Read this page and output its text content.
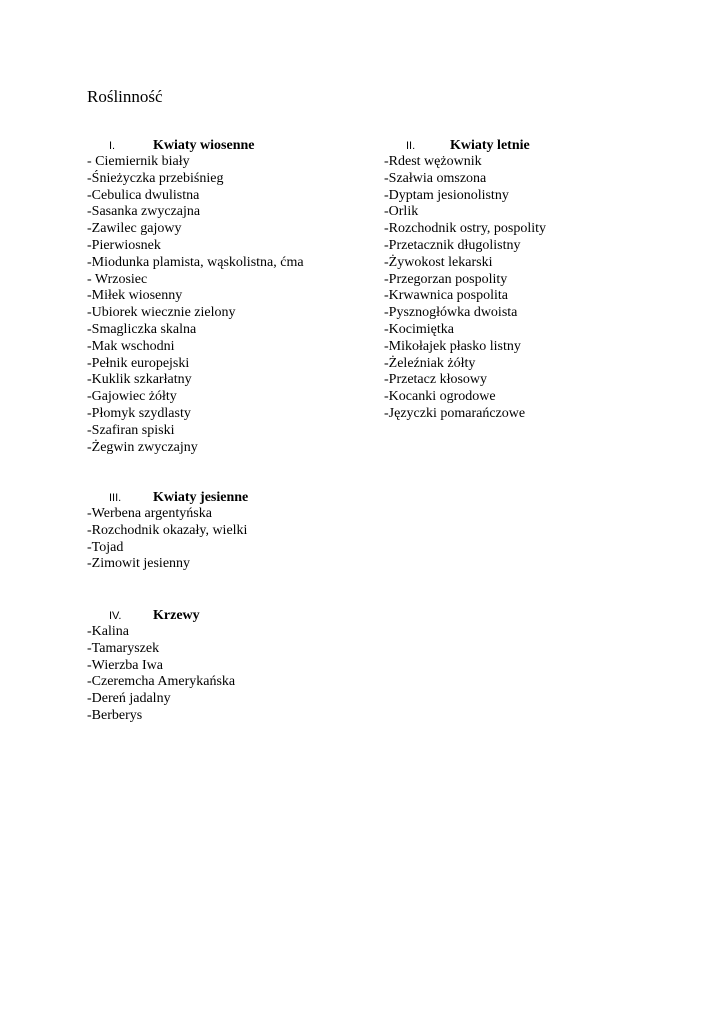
Roślinność
I.	Kwiaty wiosenne
- Ciemiernik biały
-Śnieżyczka przebiśnieg
-Cebulica dwulistna
-Sasanka zwyczajna
-Zawilec gajowy
-Pierwiosnek
-Miodunka plamista, wąskolistna, ćma
- Wrzosiec
-Miłek wiosenny
-Ubiorek wiecznie zielony
-Smagliczka skalna
-Mak wschodni
-Pełnik europejski
-Kuklik szkarłatny
-Gajowiec żółty
-Płomyk szydlasty
-Szafiran spiski
-Żegwin zwyczajny
II. Kwiaty letnie
-Rdest wężownik
-Szałwia omszona
-Dyptam jesionolistny
-Orlik
-Rozchodnik ostry, pospolity
-Przetacznik długolistny
-Żywokost lekarski
-Przegorzan pospolity
-Krwawnica pospolita
-Pysznogłówka dwoista
-Kocimiętka
-Mikołajek płasko listny
-Żeleźniak żółty
-Przetacz kłosowy
-Kocanki ogrodowe
-Języczki pomarańczowe
III. Kwiaty jesienne
-Werbena argentyńska
-Rozchodnik okazały, wielki
-Tojad
-Zimowit jesienny
IV. Krzewy
-Kalina
-Tamaryszek
-Wierzba Iwa
-Czeremcha Amerykańska
-Dereń jadalny
-Berberys
